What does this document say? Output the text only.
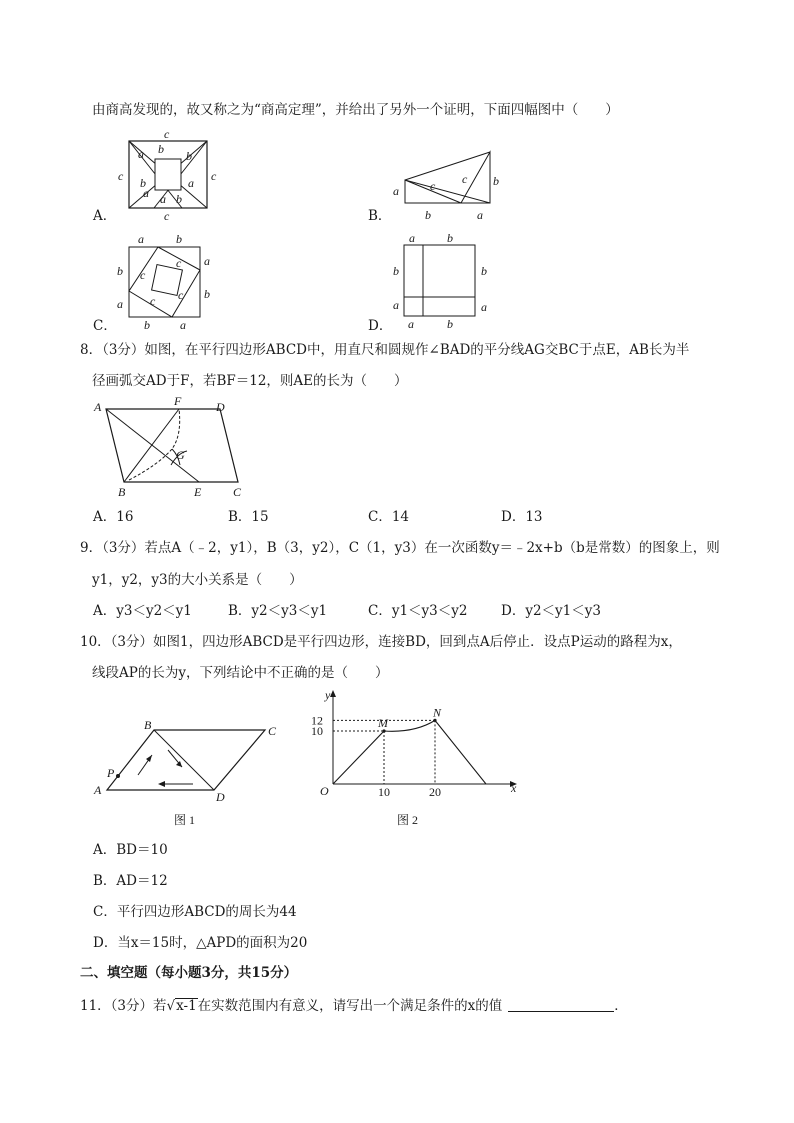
由商高发现的，故又称之为“商高定理”，并给出了另外一个证明，下面四幅图中（　　）
A．
c
c
c	c
a b b
a
b
a
a b
B．
a	c c b
b	a
C．
a	b
b
a
a
b
b	a
c
c
c
c
D．
a	b
b
a
b
a
a	b
8．（3分）如图，在平行四边形ABCD中，用直尺和圆规作∠BAD的平分线AG交BC于点E，AB长为半
径画弧交AD于F，若BF＝12，则AE的长为（　　）
A	F	D
G
B	E	C
A．16	B．15	C．14	D．13
9．（3分）若点A（﹣2，y1），B（3，y2），C（1，y3）在一次函数y＝﹣2x+b（b是常数）的图象上，则
y1，y2，y3的大小关系是（　　）
A．y3＜y2＜y1	B．y2＜y3＜y1	C．y1＜y3＜y2 D．y2＜y1＜y3
10．（3分）如图1，四边形ABCD是平行四边形，连接BD，回到点A后停止．设点P运动的路程为x，
线段AP的长为y，下列结论中不正确的是（　　）
A
B	C
D
P
图 1
y
x
O
12
10
10	20
M
N
图 2
A．BD＝10
B．AD＝12
C．平行四边形ABCD的周长为44
D．当x＝15时，△APD的面积为20
二、填空题（每小题3分，共15分）
11．（3分）若√x-1在实数范围内有意义，请写出一个满足条件的x的值	．
